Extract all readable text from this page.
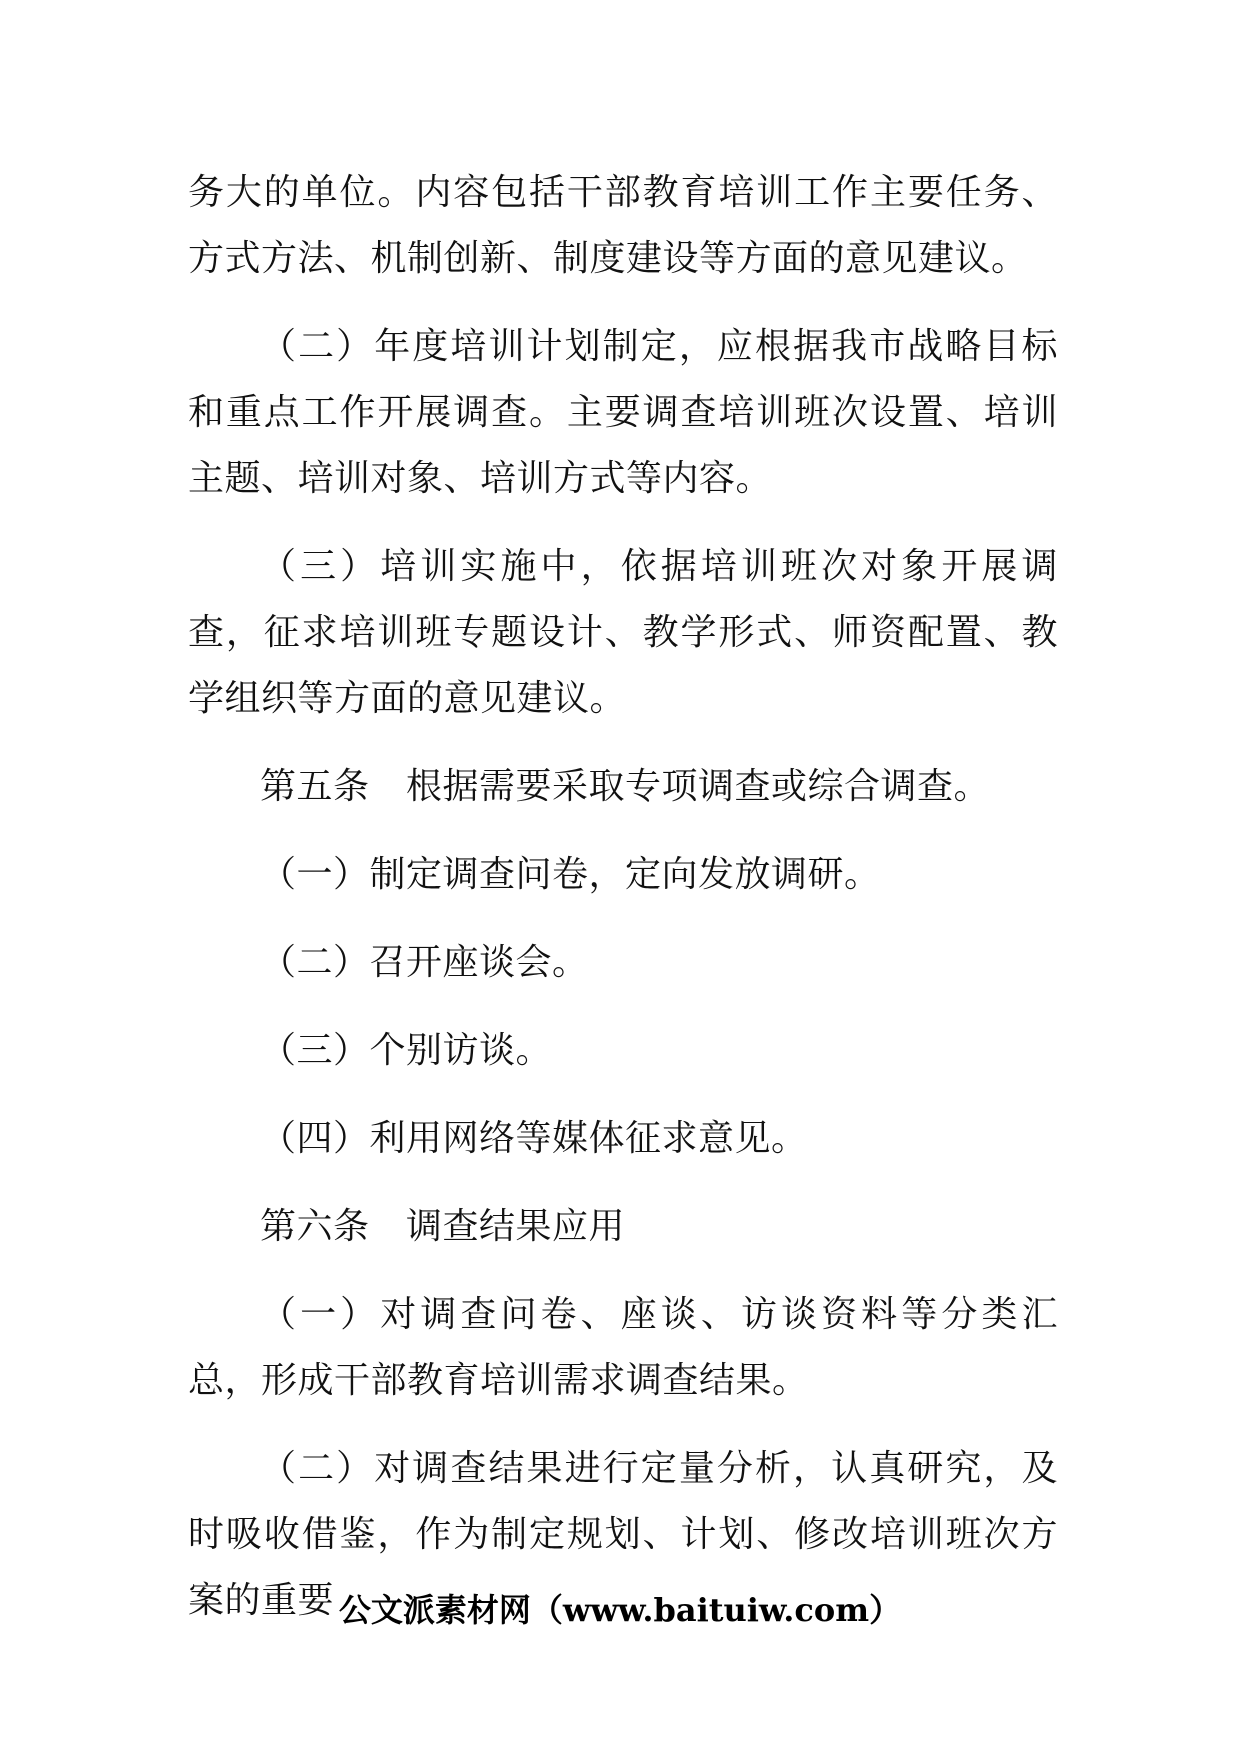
务大的单位。内容包括干部教育培训工作主要任务、方式方法、机制创新、制度建设等方面的意见建议。

（二）年度培训计划制定，应根据我市战略目标和重点工作开展调查。主要调查培训班次设置、培训主题、培训对象、培训方式等内容。

（三）培训实施中，依据培训班次对象开展调查，征求培训班专题设计、教学形式、师资配置、教学组织等方面的意见建议。

第五条　根据需要采取专项调查或综合调查。

（一）制定调查问卷，定向发放调研。

（二）召开座谈会。

（三）个别访谈。

（四）利用网络等媒体征求意见。

第六条　调查结果应用

（一）对调查问卷、座谈、访谈资料等分类汇总，形成干部教育培训需求调查结果。

（二）对调查结果进行定量分析，认真研究，及时吸收借鉴，作为制定规划、计划、修改培训班次方案的重要 公文派素材网（www.baituiw.com）
